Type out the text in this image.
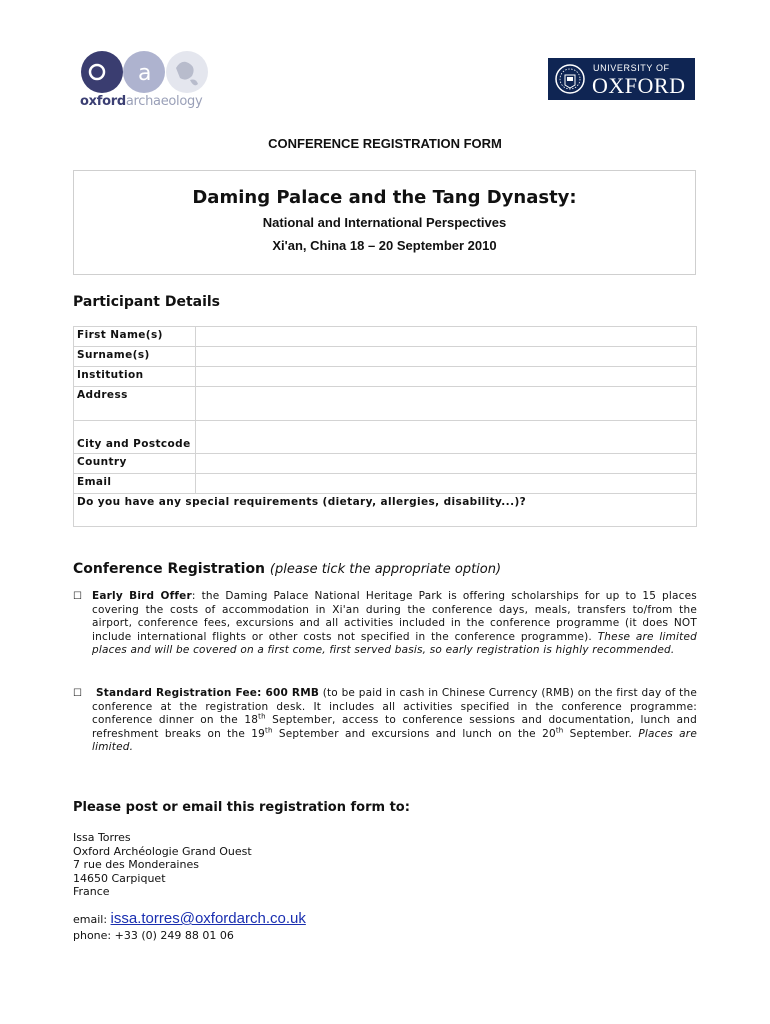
a
oxfordarchaeology
UNIVERSITY OF
OXFORD
CONFERENCE REGISTRATION FORM
Daming Palace and the Tang Dynasty:
National and International Perspectives
Xi'an, China 18 – 20 September 2010
Participant Details
First Name(s)	
Surname(s)	
Institution	
Address	
City and Postcode	
Country	
Email	
Do you have any special requirements (dietary, allergies, disability...)?	
Conference Registration (please tick the appropriate option)
☐ Early Bird Offer: the Daming Palace National Heritage Park is offering scholarships for up to 15 places covering the costs of accommodation in Xi'an during the conference days, meals, transfers to/from the airport, conference fees, excursions and all activities included in the conference programme (it does NOT include international flights or other costs not specified in the conference programme). These are limited places and will be covered on a first come, first served basis, so early registration is highly recommended.
☐ Standard Registration Fee: 600 RMB (to be paid in cash in Chinese Currency (RMB) on the first day of the conference at the registration desk. It includes all activities specified in the conference programme: conference dinner on the 18th September, access to conference sessions and documentation, lunch and refreshment breaks on the 19th September and excursions and lunch on the 20th September. Places are limited.
Please post or email this registration form to:
Issa Torres
Oxford Archéologie Grand Ouest
7 rue des Monderaines
14650 Carpiquet
France
email: issa.torres@oxfordarch.co.uk
phone: +33 (0) 249 88 01 06
